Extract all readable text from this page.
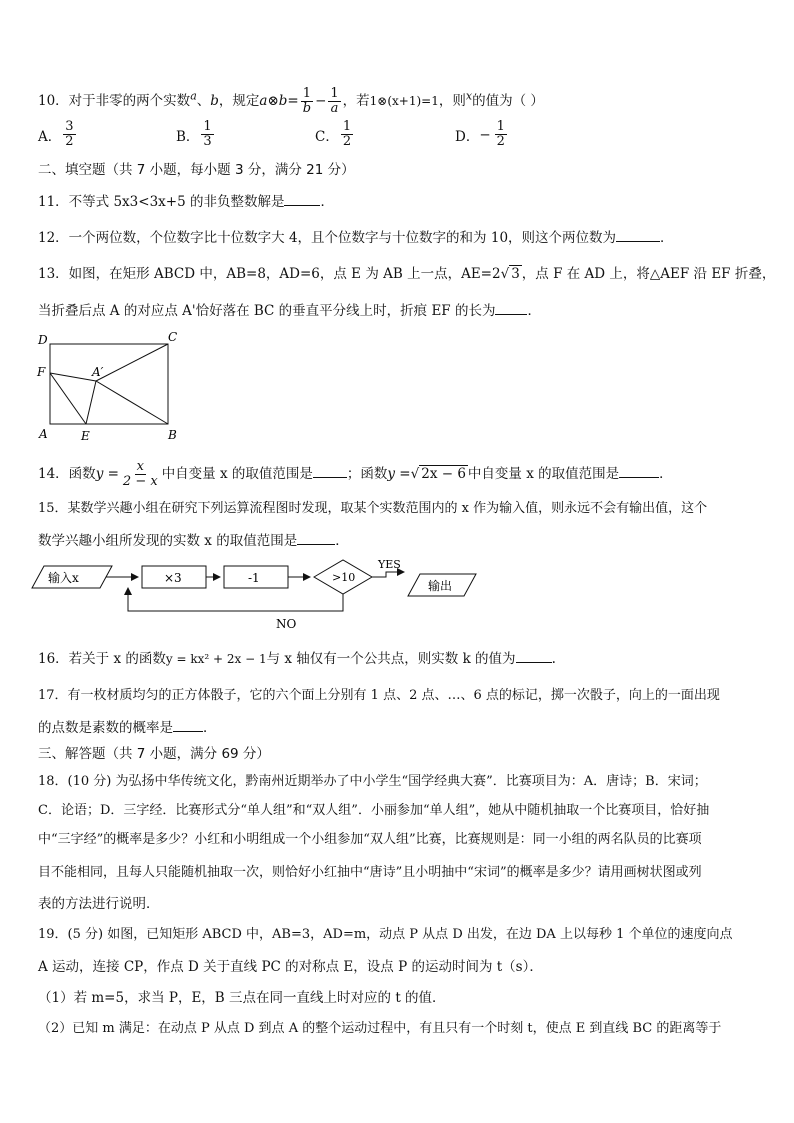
10．对于非零的两个实数$^a$、b，规定a⊗b= $\frac{1}{b} - \frac{1}{a}$ ，若1⊗(x+1)=1，则$^x$的值为（ ）
A． $\frac{3}{2}$	B． $\frac{1}{3}$	C． $\frac{1}{2}$	D． − $\frac{1}{2}$
二、填空题（共 7 小题，每小题 3 分，满分 21 分）
11．不等式 5x3<3x+5 的非负整数解是	．
12．一个两位数，个位数字比十位数字大 4，且个位数字与十位数字的和为 10，则这个两位数为	．
13．如图，在矩形 ABCD 中，AB=8，AD=6，点 E 为 AB 上一点，AE=2√ 3 ，点 F 在 AD 上，将△AEF 沿 EF 折叠，
当折叠后点 A 的对应点 A'恰好落在 BC 的垂直平分线上时，折痕 EF 的长为 ．
D	C
F	A′
A	E	B
14．函数$y = \frac{x}{2 - x}$ 中自变量 x 的取值范围是	；函数y =√ 2x − 6 中自变量 x 的取值范围是	．
15．某数学兴趣小组在研究下列运算流程图时发现，取某个实数范围内的 x 作为输入值，则永远不会有输出值，这个
数学兴趣小组所发现的实数 x 的取值范围是	．
输入x	×3	-1	>10
YES
输出
NO
16．若关于 x 的函数y = kx² + 2x − 1与 x 轴仅有一个公共点，则实数 k 的值为	.
17．有一枚材质均匀的正方体骰子，它的六个面上分别有 1 点、2 点、…、6 点的标记，掷一次骰子，向上的一面出现
的点数是素数的概率是 ．
三、解答题（共 7 小题，满分 69 分）
18．(10 分) 为弘扬中华传统文化，黔南州近期举办了中小学生“国学经典大赛”．比赛项目为：A．唐诗；B．宋词；
C．论语；D．三字经．比赛形式分“单人组”和“双人组”．小丽参加“单人组”，她从中随机抽取一个比赛项目，恰好抽
中“三字经”的概率是多少？小红和小明组成一个小组参加“双人组”比赛，比赛规则是：同一小组的两名队员的比赛项
目不能相同，且每人只能随机抽取一次，则恰好小红抽中“唐诗”且小明抽中“宋词”的概率是多少？请用画树状图或列
表的方法进行说明．
19．(5 分) 如图，已知矩形 ABCD 中，AB=3，AD=m，动点 P 从点 D 出发，在边 DA 上以每秒 1 个单位的速度向点
A 运动，连接 CP，作点 D 关于直线 PC 的对称点 E，设点 P 的运动时间为 t（s）．
（1）若 m=5，求当 P，E，B 三点在同一直线上时对应的 t 的值．
（2）已知 m 满足：在动点 P 从点 D 到点 A 的整个运动过程中，有且只有一个时刻 t，使点 E 到直线 BC 的距离等于
